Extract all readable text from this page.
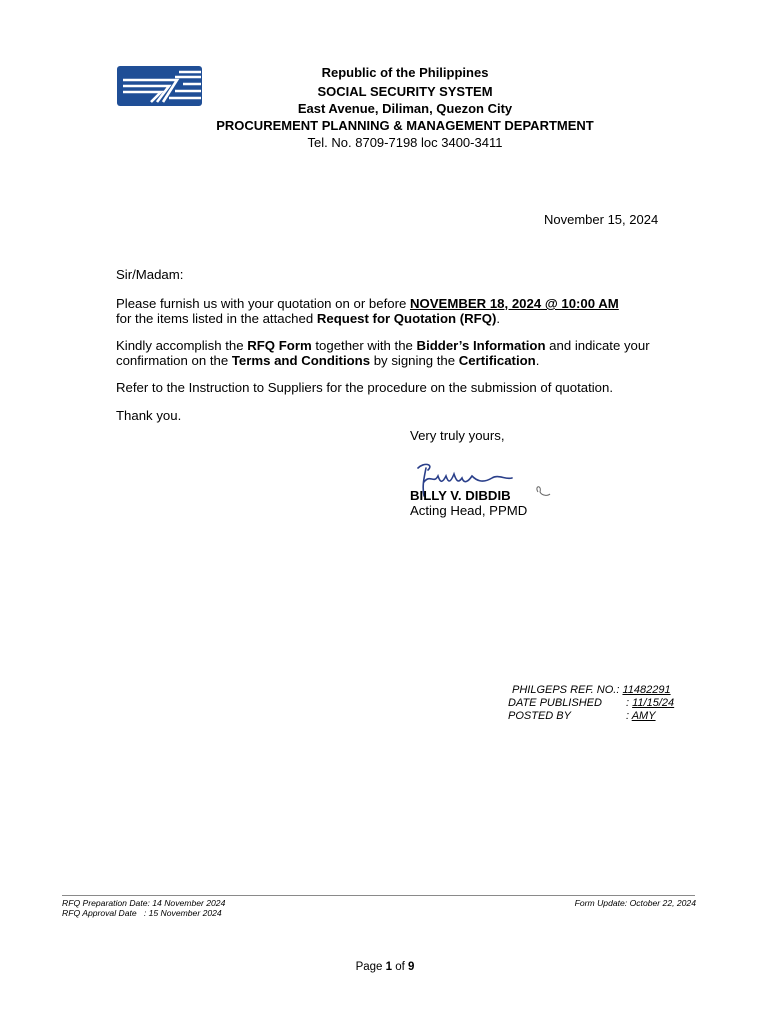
Republic of the Philippines
SOCIAL SECURITY SYSTEM
East Avenue, Diliman, Quezon City
PROCUREMENT PLANNING & MANAGEMENT DEPARTMENT
Tel. No. 8709-7198 loc 3400-3411
November 15, 2024
Sir/Madam:
Please furnish us with your quotation on or before NOVEMBER 18, 2024 @ 10:00 AM
for the items listed in the attached Request for Quotation (RFQ).
Kindly accomplish the RFQ Form together with the Bidder’s Information and indicate your confirmation on the Terms and Conditions by signing the Certification.
Refer to the Instruction to Suppliers for the procedure on the submission of quotation.
Thank you.
Very truly yours,
BILLY V. DIBDIB
Acting Head, PPMD
PHILGEPS REF. NO.: 11482291
DATE PUBLISHED : 11/15/24
POSTED BY	: AMY
RFQ Preparation Date: 14 November 2024
RFQ Approval Date   : 15 November 2024
Form Update: October 22, 2024
Page 1 of 9
